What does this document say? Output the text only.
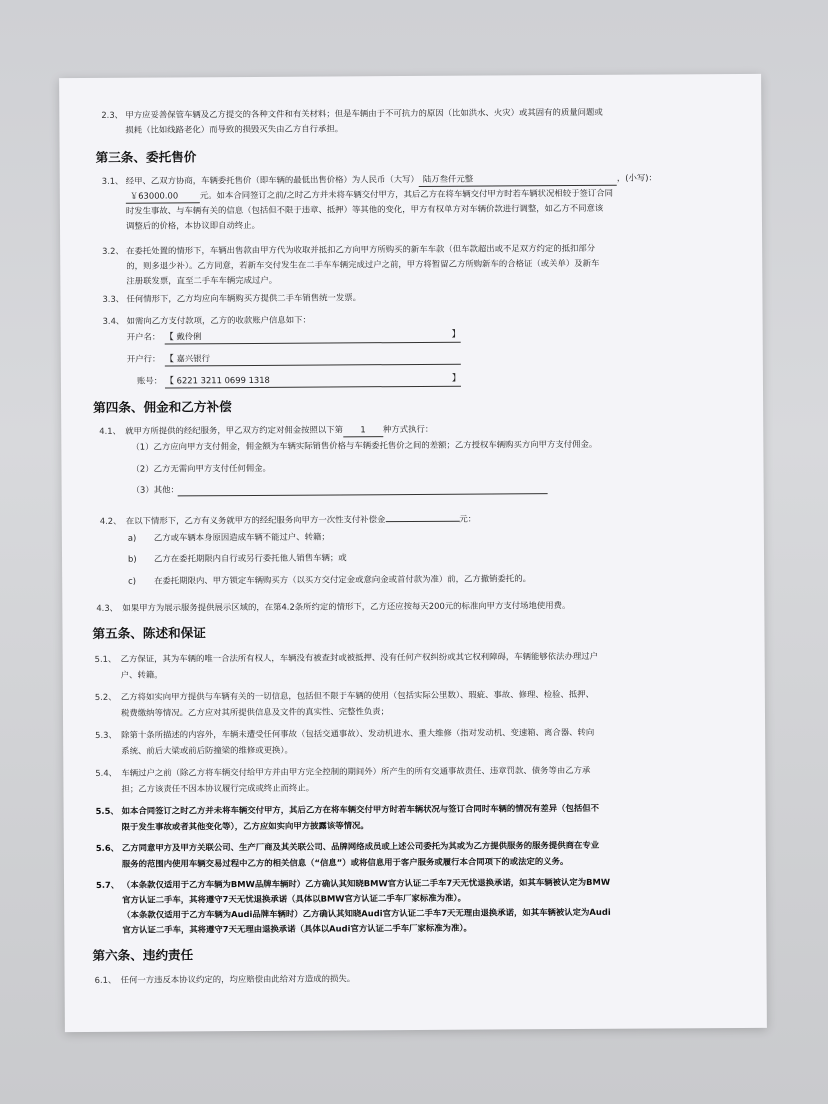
2.3、 甲方应妥善保管车辆及乙方提交的各种文件和有关材料；但是车辆由于不可抗力的原因（比如洪水、火灾）或其固有的质量问题或
损耗（比如线路老化）而导致的损毁灭失由乙方自行承担。
第三条、委托售价
3.1、 经甲、乙双方协商，车辆委托售价（即车辆的最低出售价格）为人民币（大写） 陆万叁仟元整	，(小写)：
￥63000.00	元。如本合同签订之前/之时乙方并未将车辆交付甲方，其后乙方在将车辆交付甲方时若车辆状况相较于签订合同
时发生事故、与车辆有关的信息（包括但不限于违章、抵押）等其他的变化，甲方有权单方对车辆价款进行调整，如乙方不同意该
调整后的价格，本协议即自动终止。
3.2、 在委托处置的情形下，车辆出售款由甲方代为收取并抵扣乙方向甲方所购买的新车车款（但车款超出或不足双方约定的抵扣部分
的，则多退少补）。乙方同意，若新车交付发生在二手车车辆完成过户之前，甲方将暂留乙方所购新车的合格证（或关单）及新车
注册联发票，直至二手车车辆完成过户。
3.3、 任何情形下，乙方均应向车辆购买方提供二手车销售统一发票。
3.4、 如需向乙方支付款项，乙方的收款账户信息如下：
开户名： 【 戴伶俐	】
开户行： 【 嘉兴银行
账号： 【 6221 3211 0699 1318	】
第四条、佣金和乙方补偿
4.1、 就甲方所提供的经纪服务，甲乙双方约定对佣金按照以下第 1 种方式执行：
（1）乙方应向甲方支付佣金，佣金额为车辆实际销售价格与车辆委托售价之间的差额；乙方授权车辆购买方向甲方支付佣金。
（2）乙方无需向甲方支付任何佣金。
（3）其他：
4.2、 在以下情形下，乙方有义务就甲方的经纪服务向甲方一次性支付补偿金	元：
a) 乙方或车辆本身原因造成车辆不能过户、转籍；
b) 乙方在委托期限内自行或另行委托他人销售车辆；或
c) 在委托期限内、甲方锁定车辆购买方（以买方交付定金或意向金或首付款为准）前，乙方撤销委托的。
4.3、 如果甲方为展示服务提供展示区域的，在第4.2条所约定的情形下，乙方还应按每天200元的标准向甲方支付场地使用费。
第五条、陈述和保证
5.1、 乙方保证，其为车辆的唯一合法所有权人，车辆没有被查封或被抵押、没有任何产权纠纷或其它权利障碍，车辆能够依法办理过户
户、转籍。
5.2、 乙方将如实向甲方提供与车辆有关的一切信息，包括但不限于车辆的使用（包括实际公里数）、瑕疵、事故、修理、检验、抵押、
税费缴纳等情况。乙方应对其所提供信息及文件的真实性、完整性负责；
5.3、 除第十条所描述的内容外，车辆未遭受任何事故（包括交通事故）、发动机进水、重大维修（指对发动机、变速箱、离合器、转向
系统、前后大梁或前后防撞梁的维修或更换）。
5.4、 车辆过户之前（除乙方将车辆交付给甲方并由甲方完全控制的期间外）所产生的所有交通事故责任、违章罚款、债务等由乙方承
担；乙方该责任不因本协议履行完成或终止而终止。
5.5、 如本合同签订之时乙方并未将车辆交付甲方，其后乙方在将车辆交付甲方时若车辆状况与签订合同时车辆的情况有差异（包括但不
限于发生事故或者其他变化等），乙方应如实向甲方披露该等情况。
5.6、 乙方同意甲方及甲方关联公司、生产厂商及其关联公司、品牌网络成员或上述公司委托为其或为乙方提供服务的服务提供商在专业
服务的范围内使用车辆交易过程中乙方的相关信息（“信息”）或将信息用于客户服务或履行本合同项下的或法定的义务。
5.7、 （本条款仅适用于乙方车辆为BMW品牌车辆时）乙方确认其知晓BMW官方认证二手车7天无忧退换承诺，如其车辆被认定为BMW
官方认证二手车，其将遵守7天无忧退换承诺（具体以BMW官方认证二手车厂家标准为准）。
（本条款仅适用于乙方车辆为Audi品牌车辆时）乙方确认其知晓Audi官方认证二手车7天无理由退换承诺，如其车辆被认定为Audi
官方认证二手车，其将遵守7天无理由退换承诺（具体以Audi官方认证二手车厂家标准为准）。
第六条、违约责任
6.1、 任何一方违反本协议约定的，均应赔偿由此给对方造成的损失。
